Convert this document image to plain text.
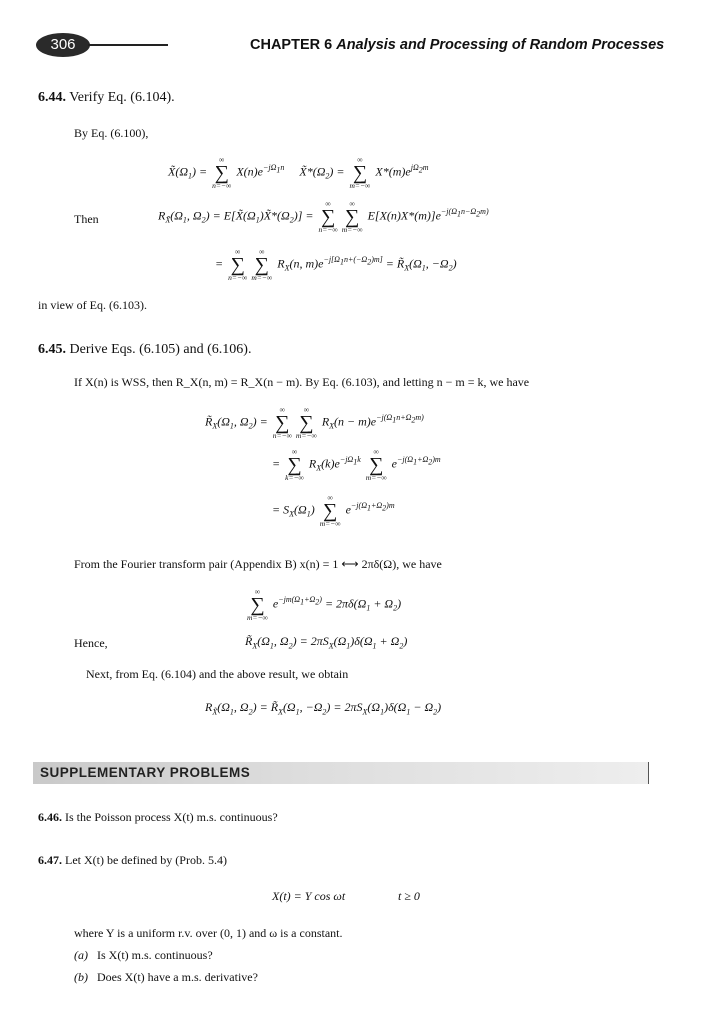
306	CHAPTER 6 Analysis and Processing of Random Processes
6.44. Verify Eq. (6.104).
By Eq. (6.100),
$X̃(\Omega_1)$ =
∞
∑
n=−∞
$X(n)e^{-j\Omega_1n}$     $X̃*(\Omega_2)$ =
∞
∑
m=−∞
$X*(m)e^{j\Omega_2m}$
Then	$R_{X̃}(\Omega_1$, $\Omega_2$) = $E[X̃(\Omega_1)X̃*(\Omega_2)]$ =
∞
∑
n=−∞
∞
∑
m=−∞
$E[X(n)X*(m)]e^{-j(\Omega_1n-\Omega_2m)}$
=
∞
∑
n=−∞
∞
∑
m=−∞
$R_X(n$, $m)e^{-j[\Omega_1n+(-\Omega_2)m]}$ = $R̃_X(\Omega_1$, $-\Omega_2$)
in view of Eq. (6.103).
6.45. Derive Eqs. (6.105) and (6.106).
If X(n) is WSS, then R_X(n, m) = R_X(n − m). By Eq. (6.103), and letting n − m = k, we have
$R̃_X(\Omega_1$, $\Omega_2$) =
∞
∑
n=−∞
∞
∑
m=−∞
$R_X(n - m)e^{-j(\Omega_1n+\Omega_2m)}$
=
∞
∑
k=−∞
$R_X(k)e^{-j\Omega_1k}$
∞
∑
m=−∞
$e^{-j(\Omega_1+\Omega_2)m}$
= $S_X(\Omega_1)$
∞
∑
m=−∞
$e^{-j(\Omega_1+\Omega_2)m}$
From the Fourier transform pair (Appendix B) x(n) = 1 ⟷ 2πδ(Ω), we have
∞
∑
m=−∞
$e^{-jm(\Omega_1+\Omega_2)} = 2\pi\delta(\Omega_1 + \Omega_2)$
Hence,	$R̃_X(\Omega_1$, $\Omega_2) = 2\pi S_X(\Omega_1)\delta(\Omega_1 + \Omega_2)$
Next, from Eq. (6.104) and the above result, we obtain
$R_{X̃}(\Omega_1$, $\Omega_2$) = $R̃_X(\Omega_1$, $-\Omega_2) = 2\pi S_X(\Omega_1)\delta(\Omega_1 - \Omega_2)$
SUPPLEMENTARY PROBLEMS
6.46. Is the Poisson process X(t) m.s. continuous?
6.47. Let X(t) be defined by (Prob. 5.4)
X(t) = Y cos ωt	t ≥ 0
where Y is a uniform r.v. over (0, 1) and ω is a constant.
(a) Is X(t) m.s. continuous?
(b) Does X(t) have a m.s. derivative?
